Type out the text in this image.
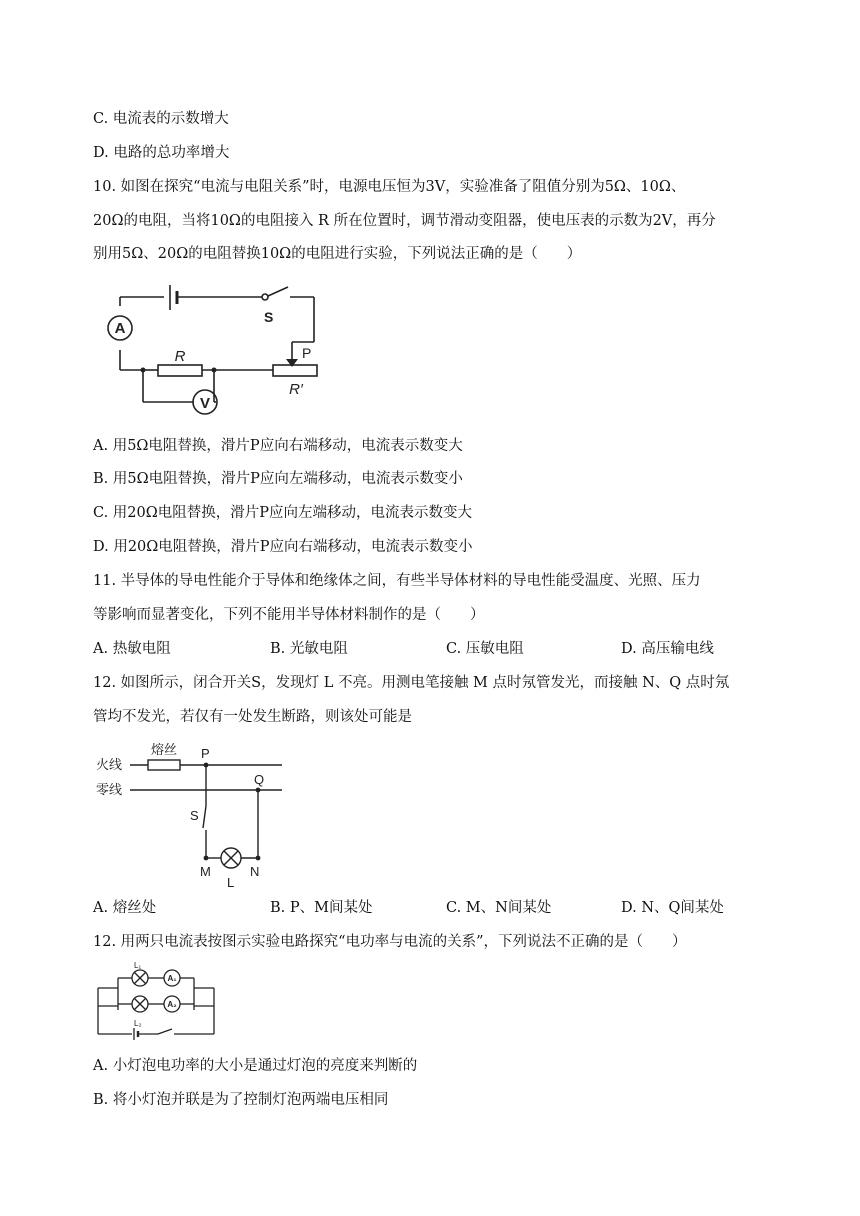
C. 电流表的示数增大
D. 电路的总功率增大
10. 如图在探究“电流与电阻关系”时，电源电压恒为3V，实验准备了阻值分别为5Ω、10Ω、
20Ω的电阻，当将10Ω的电阻接入 R 所在位置时，调节滑动变阻器，使电压表的示数为2V，再分
别用5Ω、20Ω的电阻替换10Ω的电阻进行实验，下列说法正确的是（　　）
A
V
S
P
R
R′
A. 用5Ω电阻替换，滑片P应向右端移动，电流表示数变大
B. 用5Ω电阻替换，滑片P应向左端移动，电流表示数变小
C. 用20Ω电阻替换，滑片P应向左端移动，电流表示数变大
D. 用20Ω电阻替换，滑片P应向右端移动，电流表示数变小
11. 半导体的导电性能介于导体和绝缘体之间，有些半导体材料的导电性能受温度、光照、压力
等影响而显著变化，下列不能用半导体材料制作的是（　　）
A. 热敏电阻	B. 光敏电阻	C. 压敏电阻	D. 高压输电线
12. 如图所示，闭合开关S，发现灯 L 不亮。用测电笔接触 M 点时氖管发光，而接触 N、Q 点时氖
管均不发光，若仅有一处发生断路，则该处可能是
熔丝
火线
零线
P
Q
S
M	N
L
A. 熔丝处	B. P、M间某处	C. M、N间某处	D. N、Q间某处
12. 用两只电流表按图示实验电路探究“电功率与电流的关系”，下列说法不正确的是（　　）
L₁
L₂
A₁
A₂
A. 小灯泡电功率的大小是通过灯泡的亮度来判断的
B. 将小灯泡并联是为了控制灯泡两端电压相同
